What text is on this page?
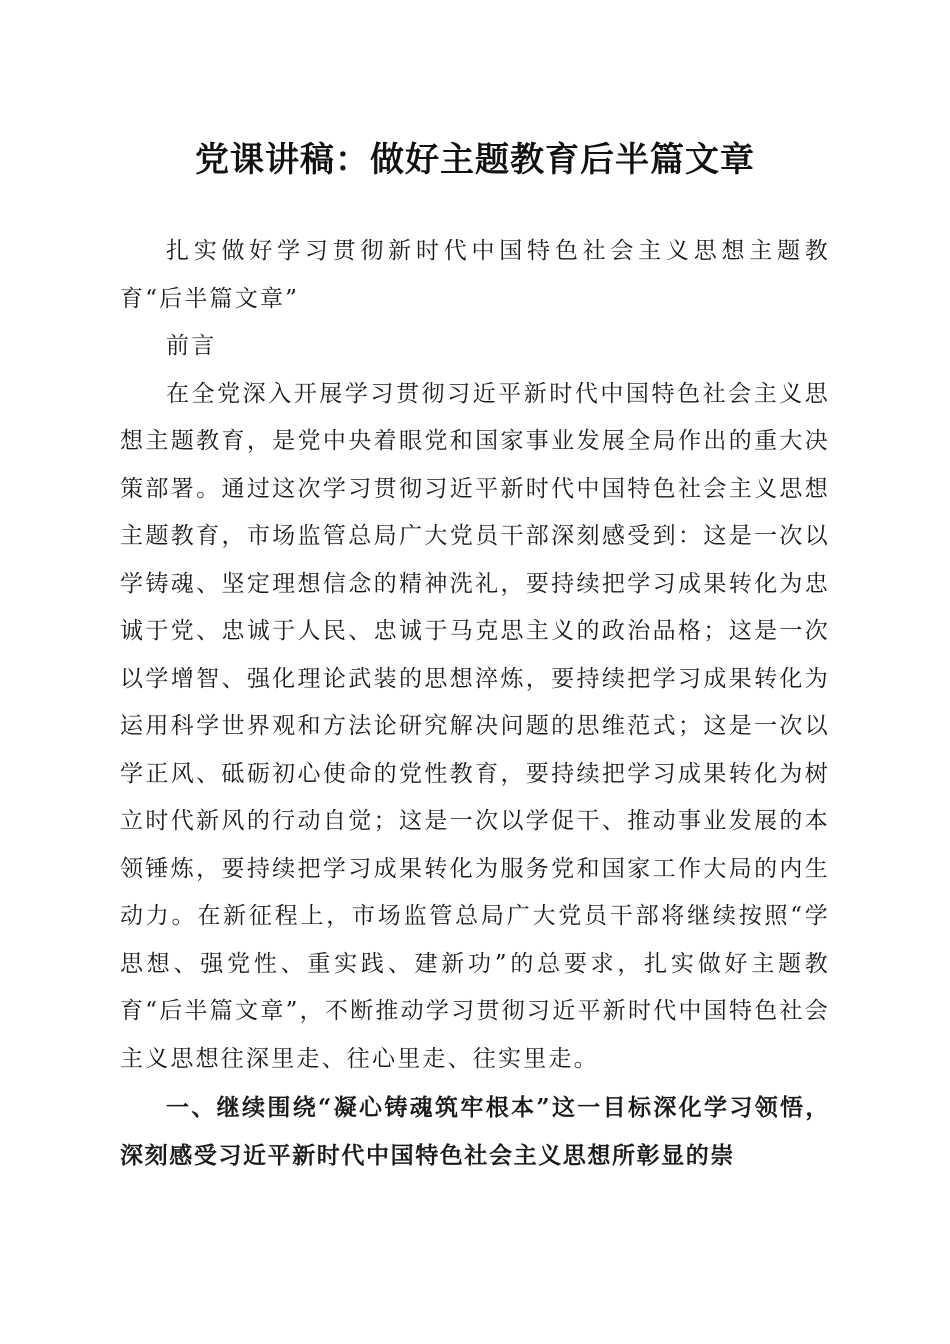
党课讲稿：做好主题教育后半篇文章

扎实做好学习贯彻新时代中国特色社会主义思想主题教育“后半篇文章”

前言

在全党深入开展学习贯彻习近平新时代中国特色社会主义思想主题教育，是党中央着眼党和国家事业发展全局作出的重大决策部署。通过这次学习贯彻习近平新时代中国特色社会主义思想主题教育，市场监管总局广大党员干部深刻感受到：这是一次以学铸魂、坚定理想信念的精神洗礼，要持续把学习成果转化为忠诚于党、忠诚于人民、忠诚于马克思主义的政治品格；这是一次以学增智、强化理论武装的思想淬炼，要持续把学习成果转化为运用科学世界观和方法论研究解决问题的思维范式；这是一次以学正风、砥砺初心使命的党性教育，要持续把学习成果转化为树立时代新风的行动自觉；这是一次以学促干、推动事业发展的本领锤炼，要持续把学习成果转化为服务党和国家工作大局的内生动力。在新征程上，市场监管总局广大党员干部将继续按照“学思想、强党性、重实践、建新功”的总要求，扎实做好主题教育“后半篇文章”，不断推动学习贯彻习近平新时代中国特色社会主义思想往深里走、往心里走、往实里走。

一、继续围绕“凝心铸魂筑牢根本”这一目标深化学习领悟，深刻感受习近平新时代中国特色社会主义思想所彰显的崇
